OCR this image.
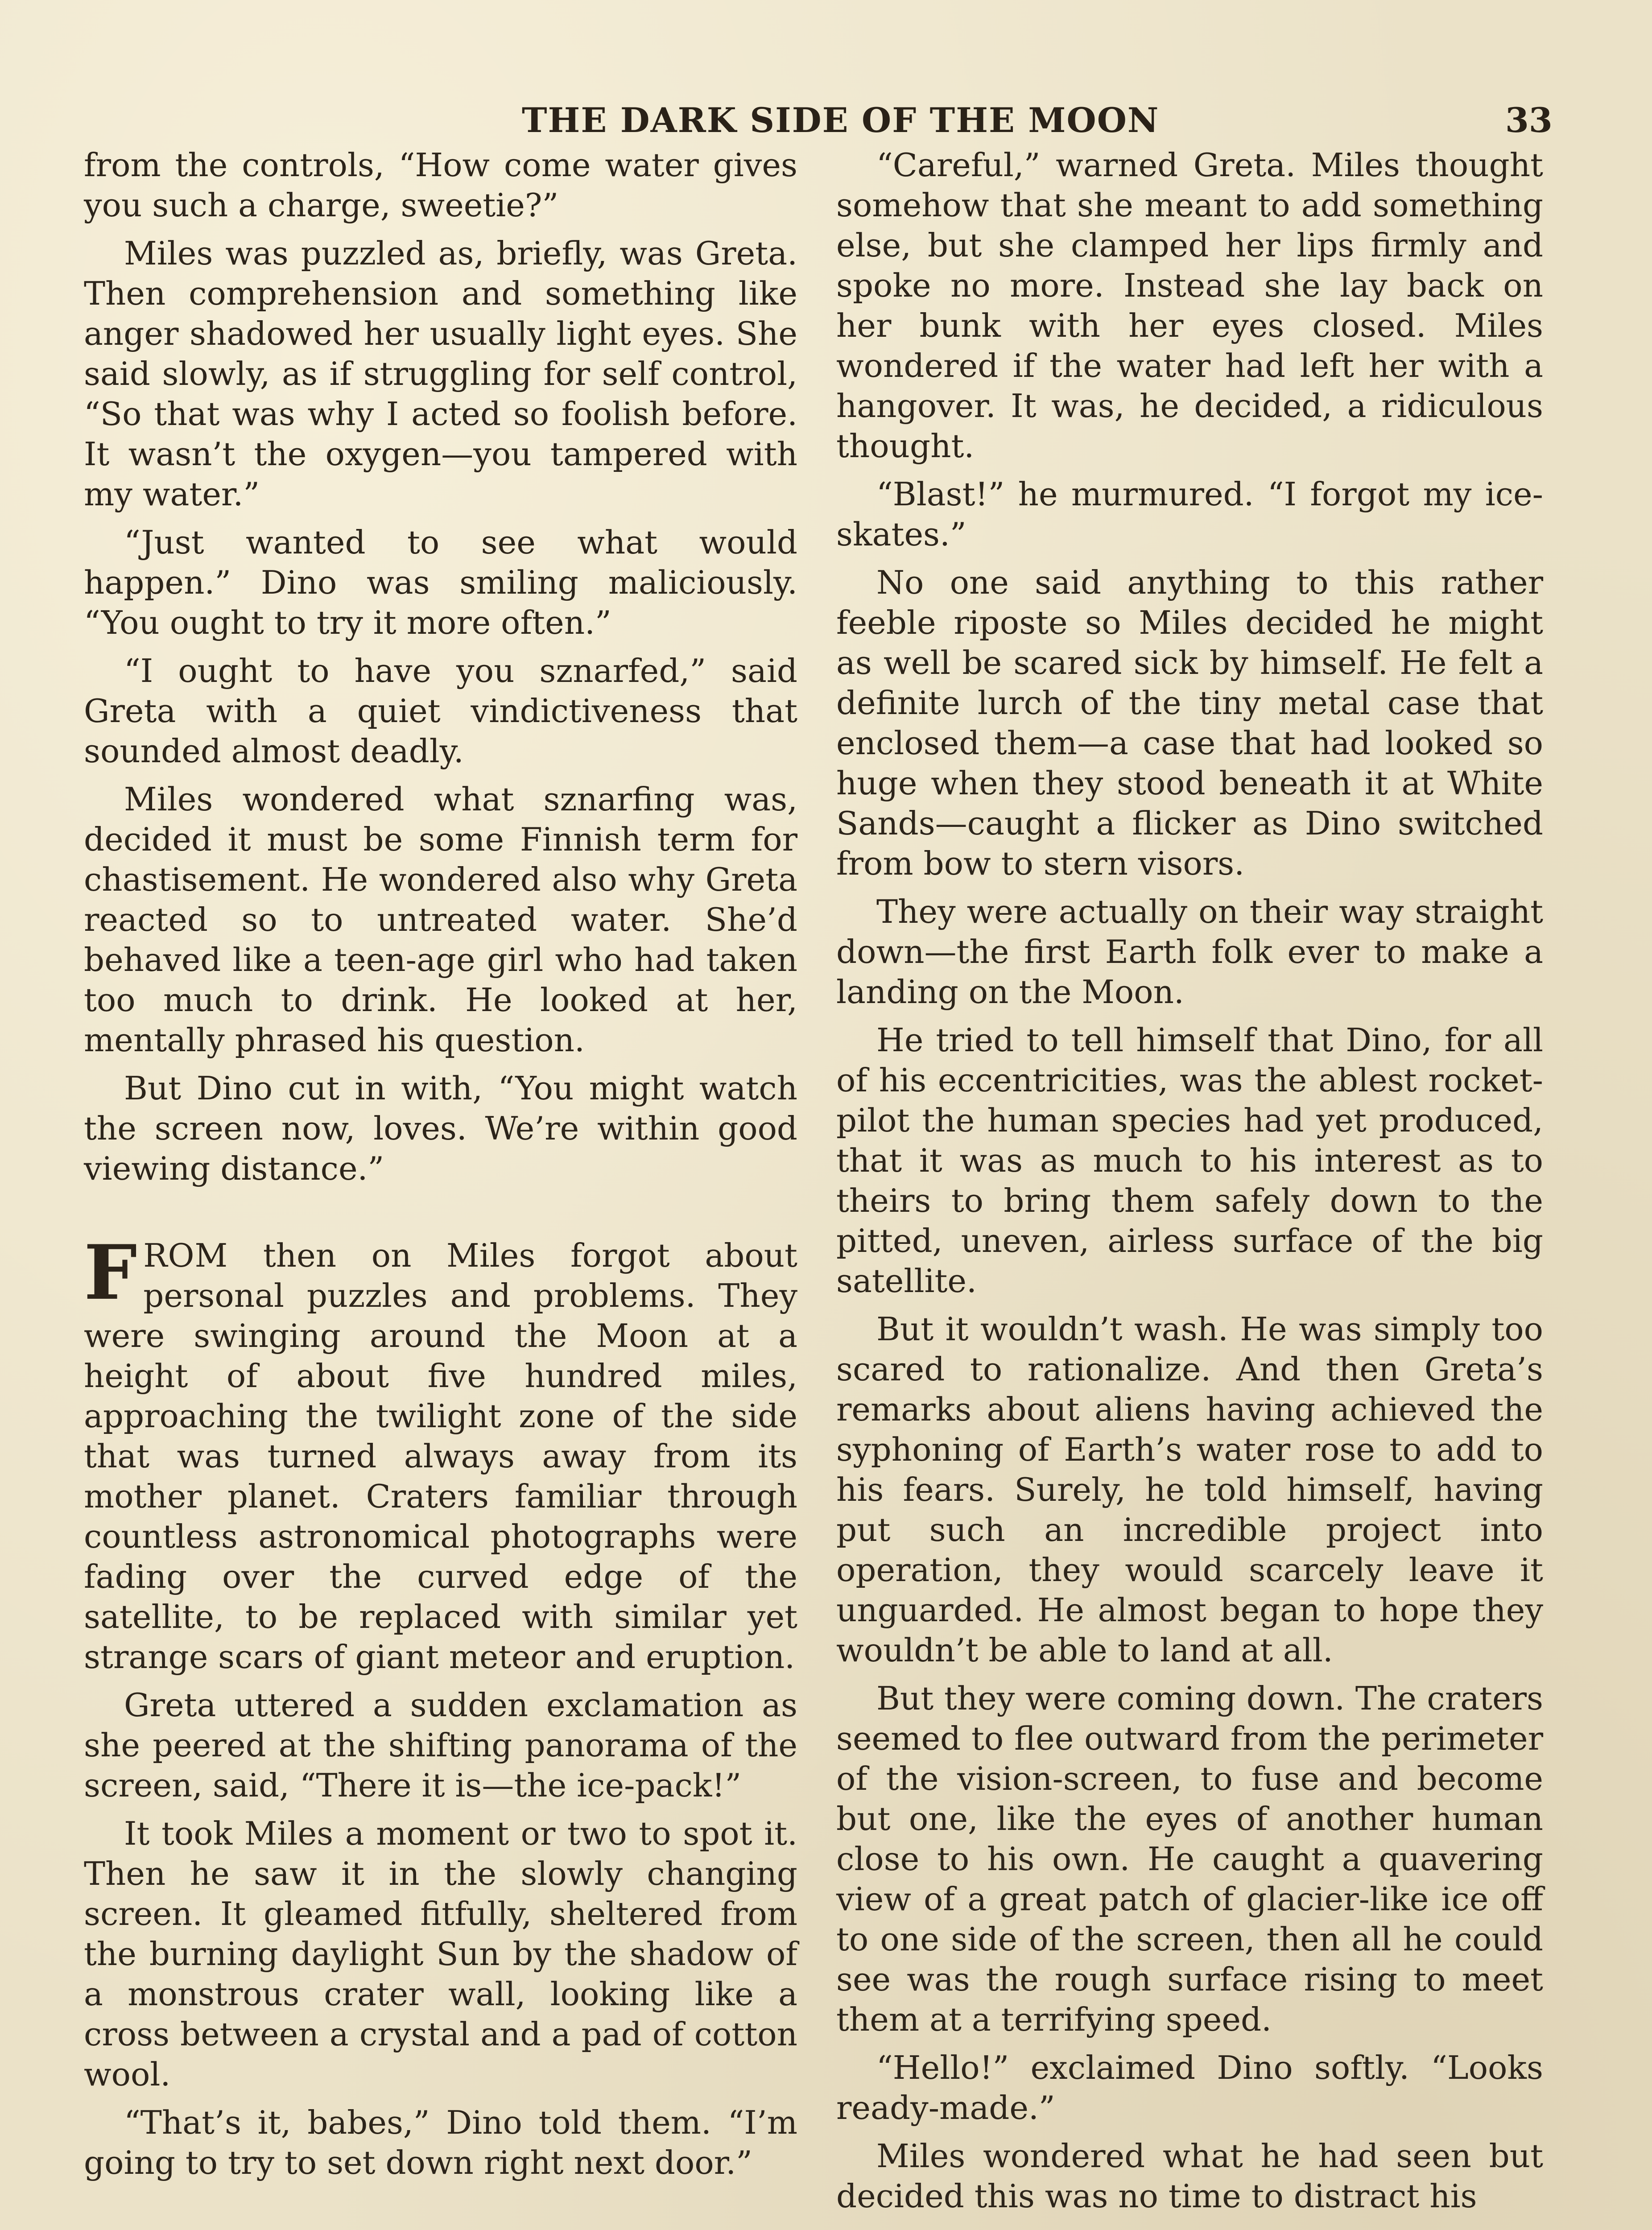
THE DARK SIDE OF THE MOON	33

from the controls, “How come water gives you such a charge, sweetie?”

Miles was puzzled as, briefly, was Greta. Then comprehension and something like anger shadowed her usually light eyes. She said slowly, as if struggling for self control, “So that was why I acted so foolish before. It wasn’t the oxygen—you tampered with my water.”

“Just wanted to see what would happen.” Dino was smiling maliciously. “You ought to try it more often.”

“I ought to have you sznarfed,” said Greta with a quiet vindictiveness that sounded almost deadly.

Miles wondered what sznarfing was, decided it must be some Finnish term for chastisement. He wondered also why Greta reacted so to untreated water. She’d behaved like a teen-age girl who had taken too much to drink. He looked at her, mentally phrased his question.

But Dino cut in with, “You might watch the screen now, loves. We’re within good viewing distance.”

FROM then on Miles forgot about personal puzzles and problems. They were swinging around the Moon at a height of about five hundred miles, approaching the twilight zone of the side that was turned always away from its mother planet. Craters familiar through countless astronomical photographs were fading over the curved edge of the satellite, to be replaced with similar yet strange scars of giant meteor and eruption.

Greta uttered a sudden exclamation as she peered at the shifting panorama of the screen, said, “There it is—the ice-pack!”

It took Miles a moment or two to spot it. Then he saw it in the slowly changing screen. It gleamed fitfully, sheltered from the burning daylight Sun by the shadow of a monstrous crater wall, looking like a cross between a crystal and a pad of cotton wool.

“That’s it, babes,” Dino told them. “I’m going to try to set down right next door.”

“Careful,” warned Greta. Miles thought somehow that she meant to add something else, but she clamped her lips firmly and spoke no more. Instead she lay back on her bunk with her eyes closed. Miles wondered if the water had left her with a hangover. It was, he decided, a ridiculous thought.

“Blast!” he murmured. “I forgot my ice-skates.”

No one said anything to this rather feeble riposte so Miles decided he might as well be scared sick by himself. He felt a definite lurch of the tiny metal case that enclosed them—a case that had looked so huge when they stood beneath it at White Sands—caught a flicker as Dino switched from bow to stern visors.

They were actually on their way straight down—the first Earth folk ever to make a landing on the Moon.

He tried to tell himself that Dino, for all of his eccentricities, was the ablest rocket-pilot the human species had yet produced, that it was as much to his interest as to theirs to bring them safely down to the pitted, uneven, airless surface of the big satellite.

But it wouldn’t wash. He was simply too scared to rationalize. And then Greta’s remarks about aliens having achieved the syphoning of Earth’s water rose to add to his fears. Surely, he told himself, having put such an incredible project into operation, they would scarcely leave it unguarded. He almost began to hope they wouldn’t be able to land at all.

But they were coming down. The craters seemed to flee outward from the perimeter of the vision-screen, to fuse and become but one, like the eyes of another human close to his own. He caught a quavering view of a great patch of glacier-like ice off to one side of the screen, then all he could see was the rough surface rising to meet them at a terrifying speed.

“Hello!” exclaimed Dino softly. “Looks ready-made.”

Miles wondered what he had seen but decided this was no time to distract his
